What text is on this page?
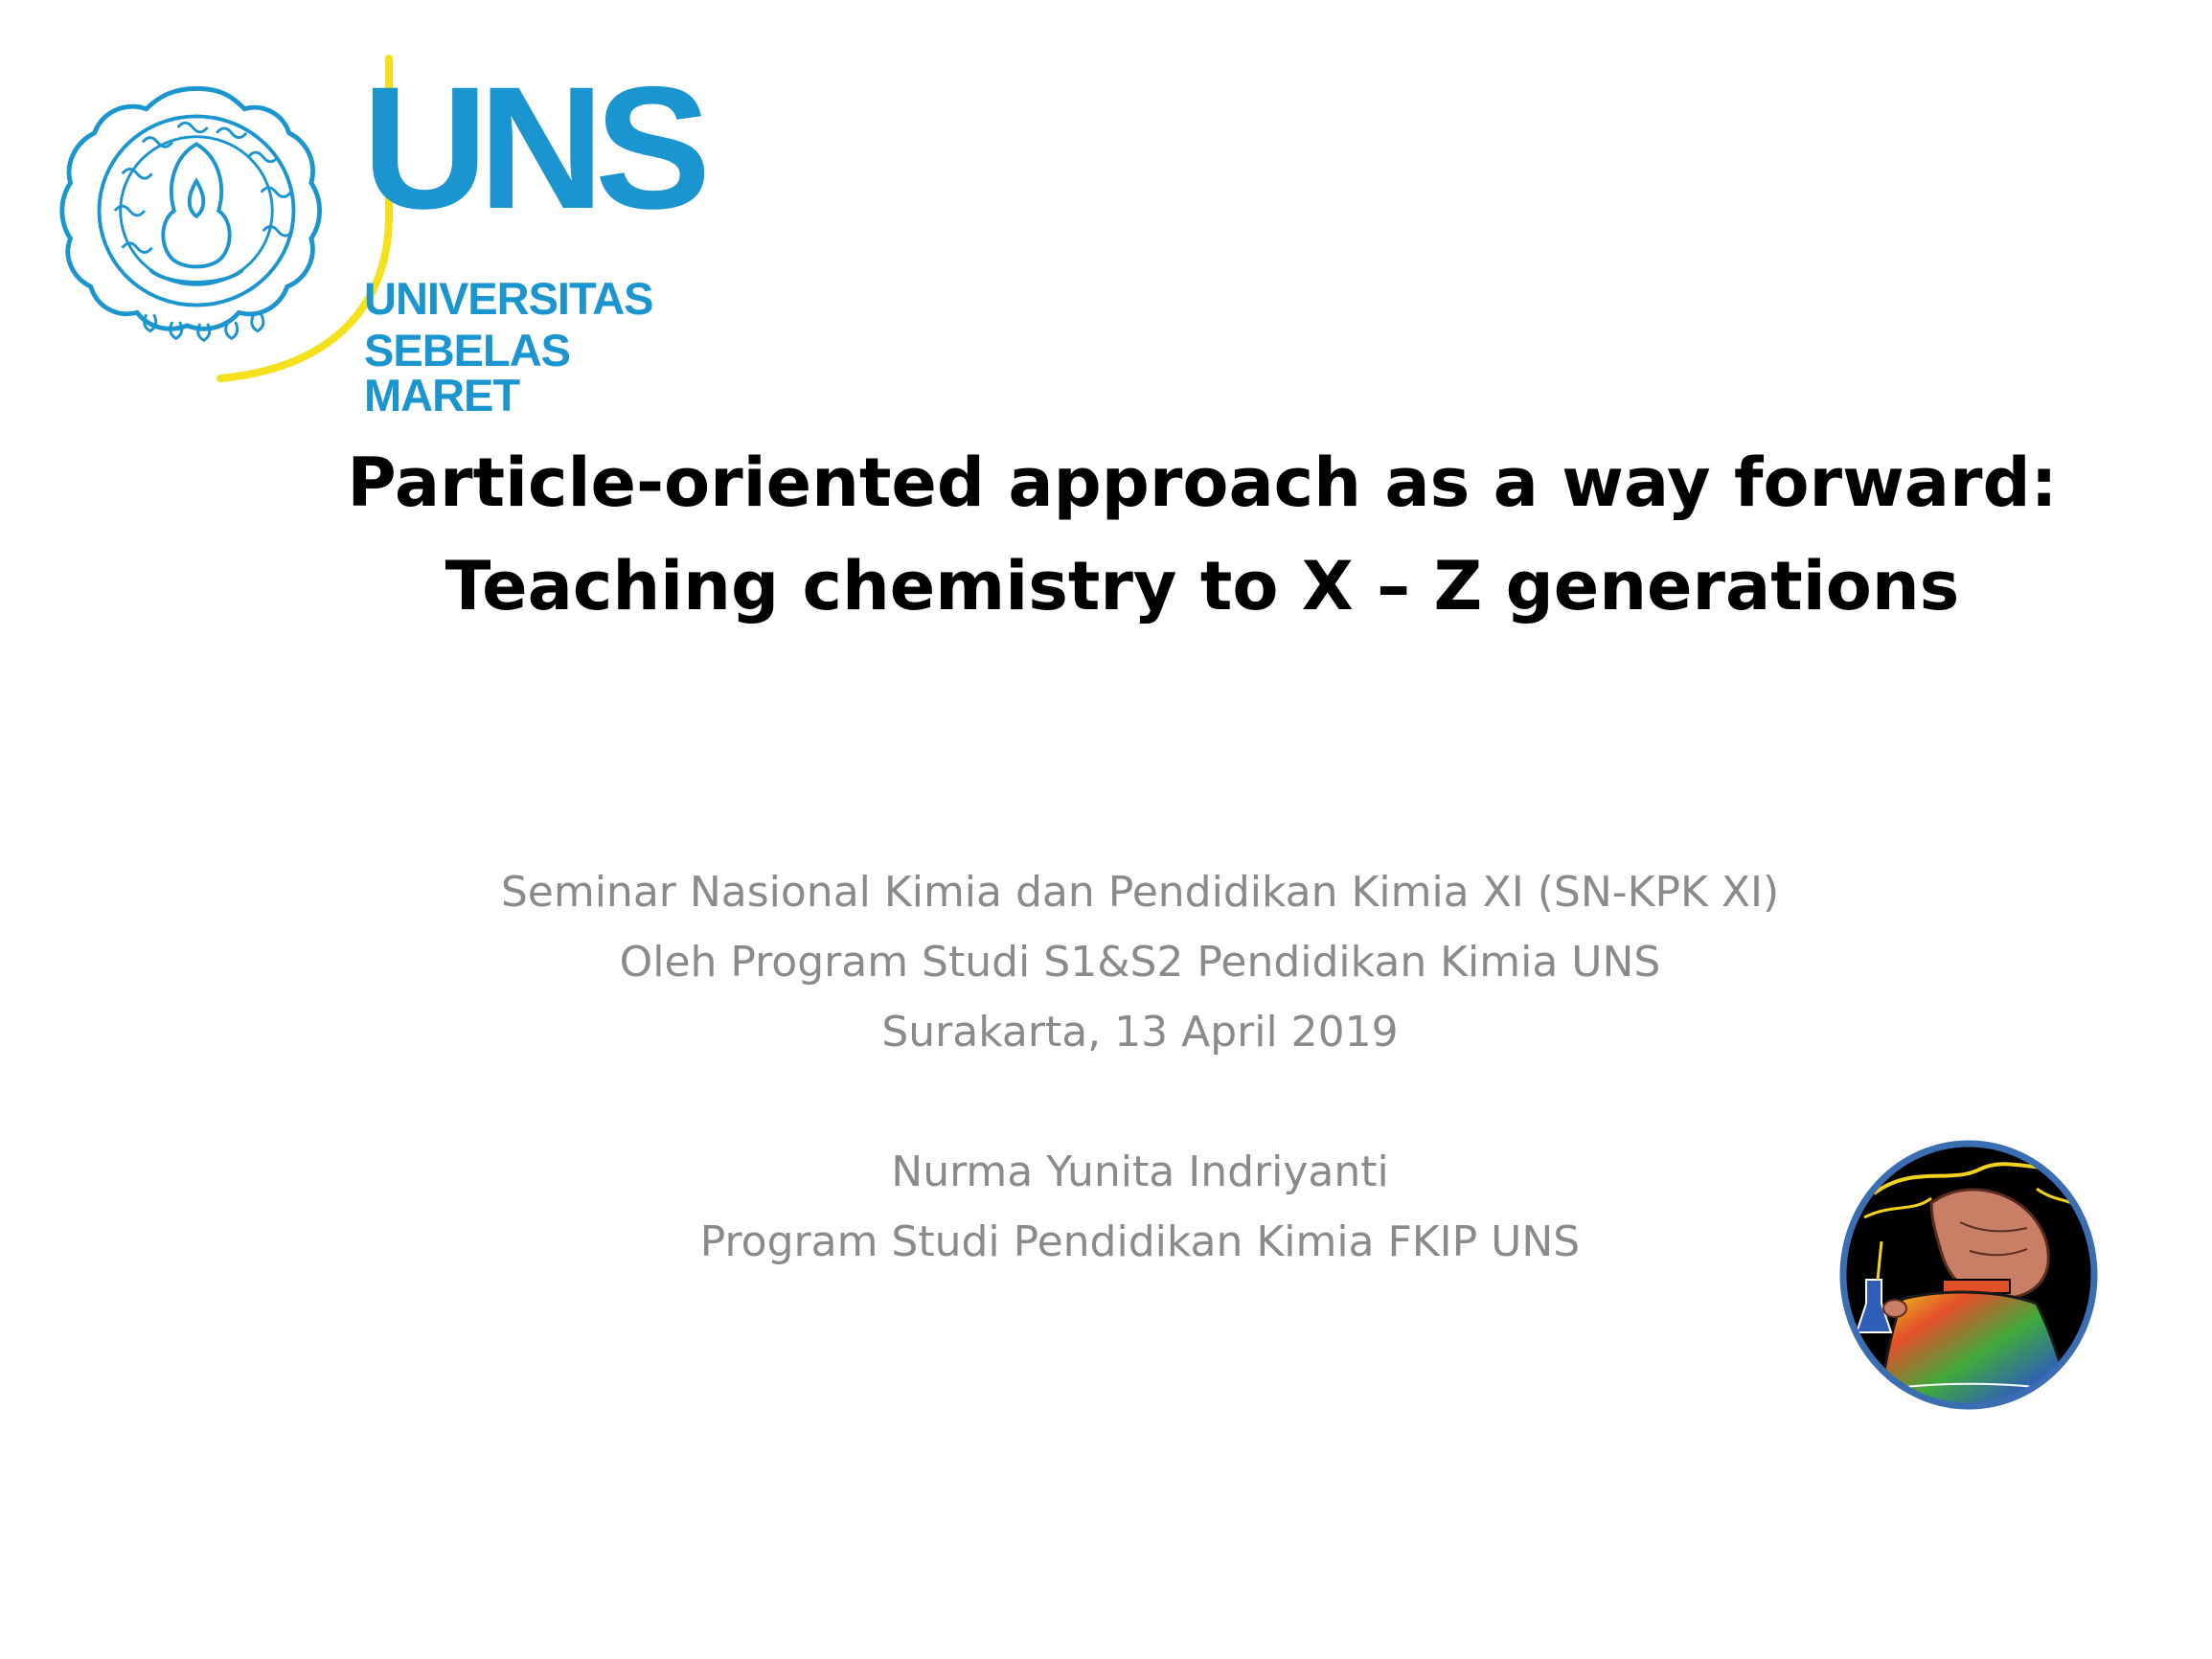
UNS
UNIVERSITAS
SEBELAS MARET
Particle-oriented approach as a way forward:
Teaching chemistry to X – Z generations
Seminar Nasional Kimia dan Pendidikan Kimia XI (SN-KPK XI)
Oleh Program Studi S1&S2 Pendidikan Kimia UNS
Surakarta, 13 April 2019
Nurma Yunita Indriyanti
Program Studi Pendidikan Kimia FKIP UNS
